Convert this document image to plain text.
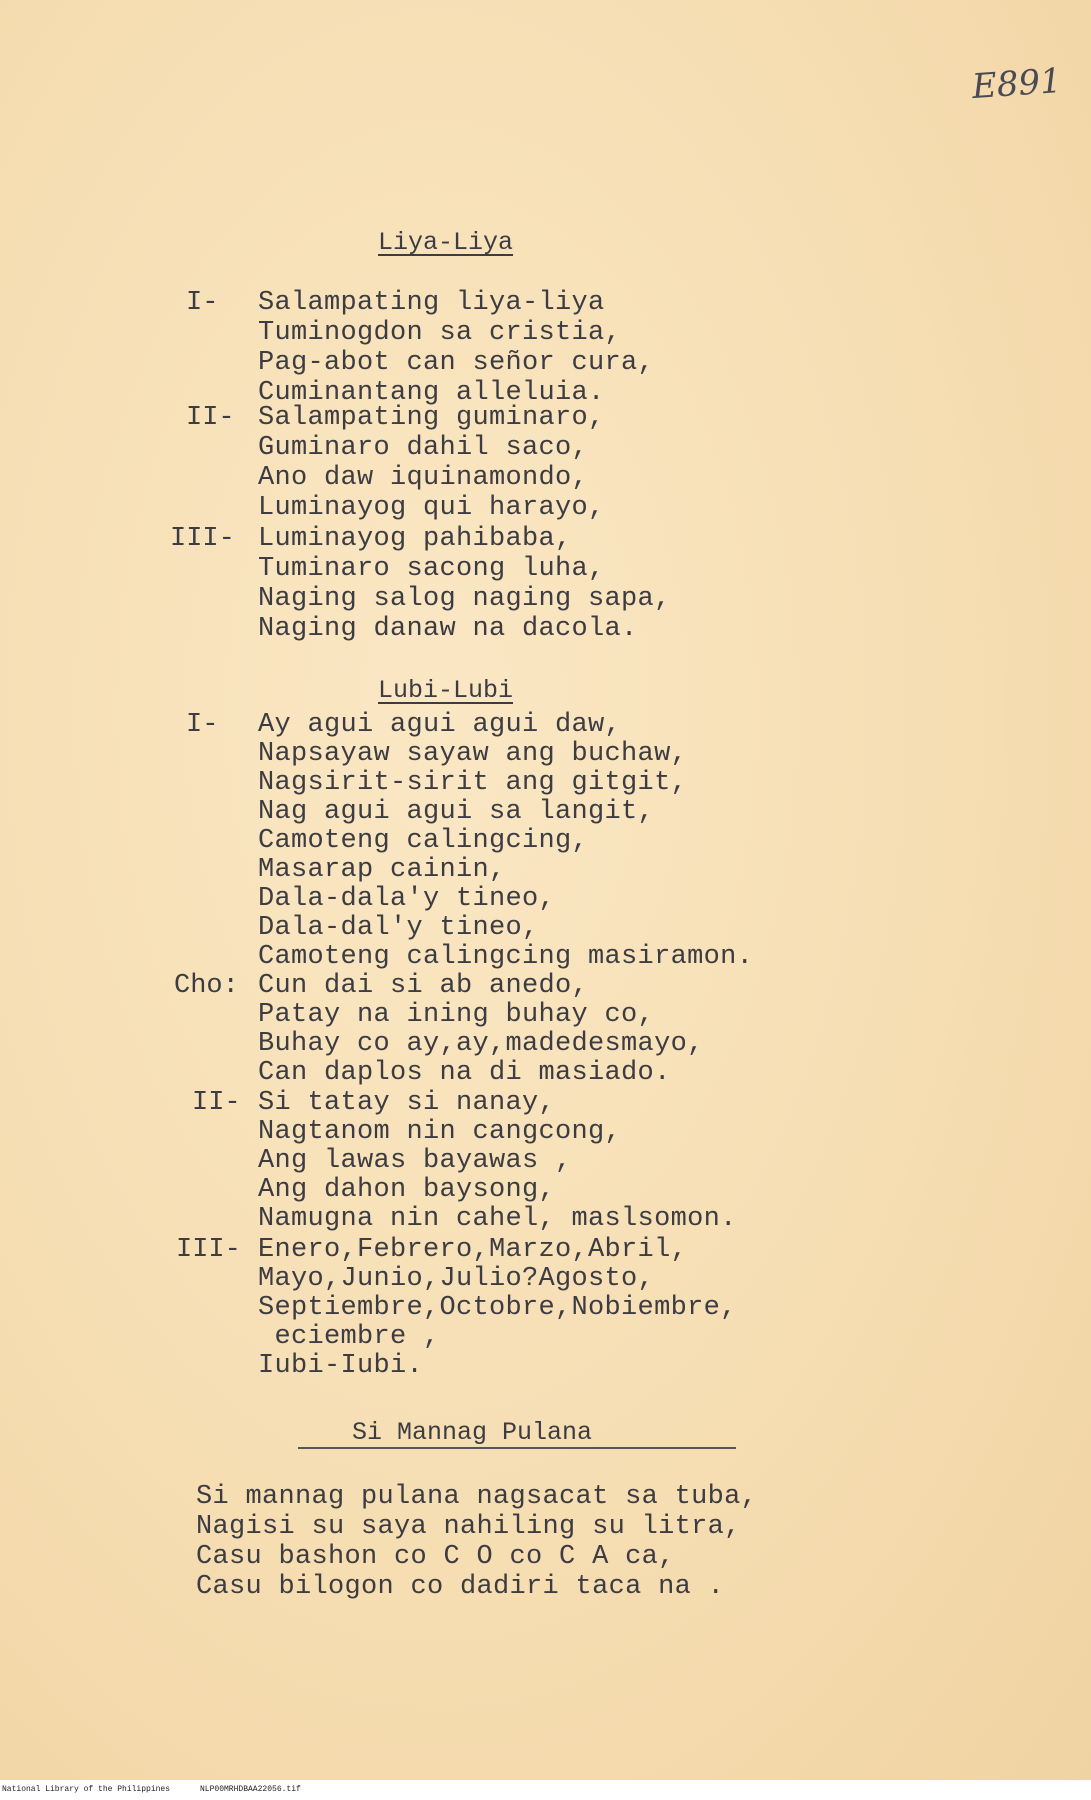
E891
Liya-Liya
I- Salampating liya-liya
Tuminogdon sa cristia,
Pag-abot can señor cura,
Cuminantang alleluia.
II- Salampating guminaro,
Guminaro dahil saco,
Ano daw iquinamondo,
Luminayog qui harayo,
III- Luminayog pahibaba,
Tuminaro sacong luha,
Naging salog naging sapa,
Naging danaw na dacola.
Lubi-Lubi
I- Ay agui agui agui daw,
Napsayaw sayaw ang buchaw,
Nagsirit-sirit ang gitgit,
Nag agui agui sa langit,
Camoteng calingcing,
Masarap cainin,
Dala-dala'y tineo,
Dala-dal'y tineo,
Camoteng calingcing masiramon.
Cho: Cun dai si ab anedo,
Patay na ining buhay co,
Buhay co ay,ay,madedesmayo,
Can daplos na di masiado.
II- Si tatay si nanay,
Nagtanom nin cangcong,
Ang lawas bayawas ,
Ang dahon baysong,
Namugna nin cahel, maslsomon.
III- Enero,Febrero,Marzo,Abril,
Mayo,Junio,Julio?Agosto,
Septiembre,Octobre,Nobiembre,
eciembre ,
Iubi-Iubi.
Si Mannag Pulana
Si mannag pulana nagsacat sa tuba,
Nagisi su saya nahiling su litra,
Casu bashon co C O co C A ca,
Casu bilogon co dadiri taca na .
National Library of the Philippines	NLP00MRHDBAA22056.tif
